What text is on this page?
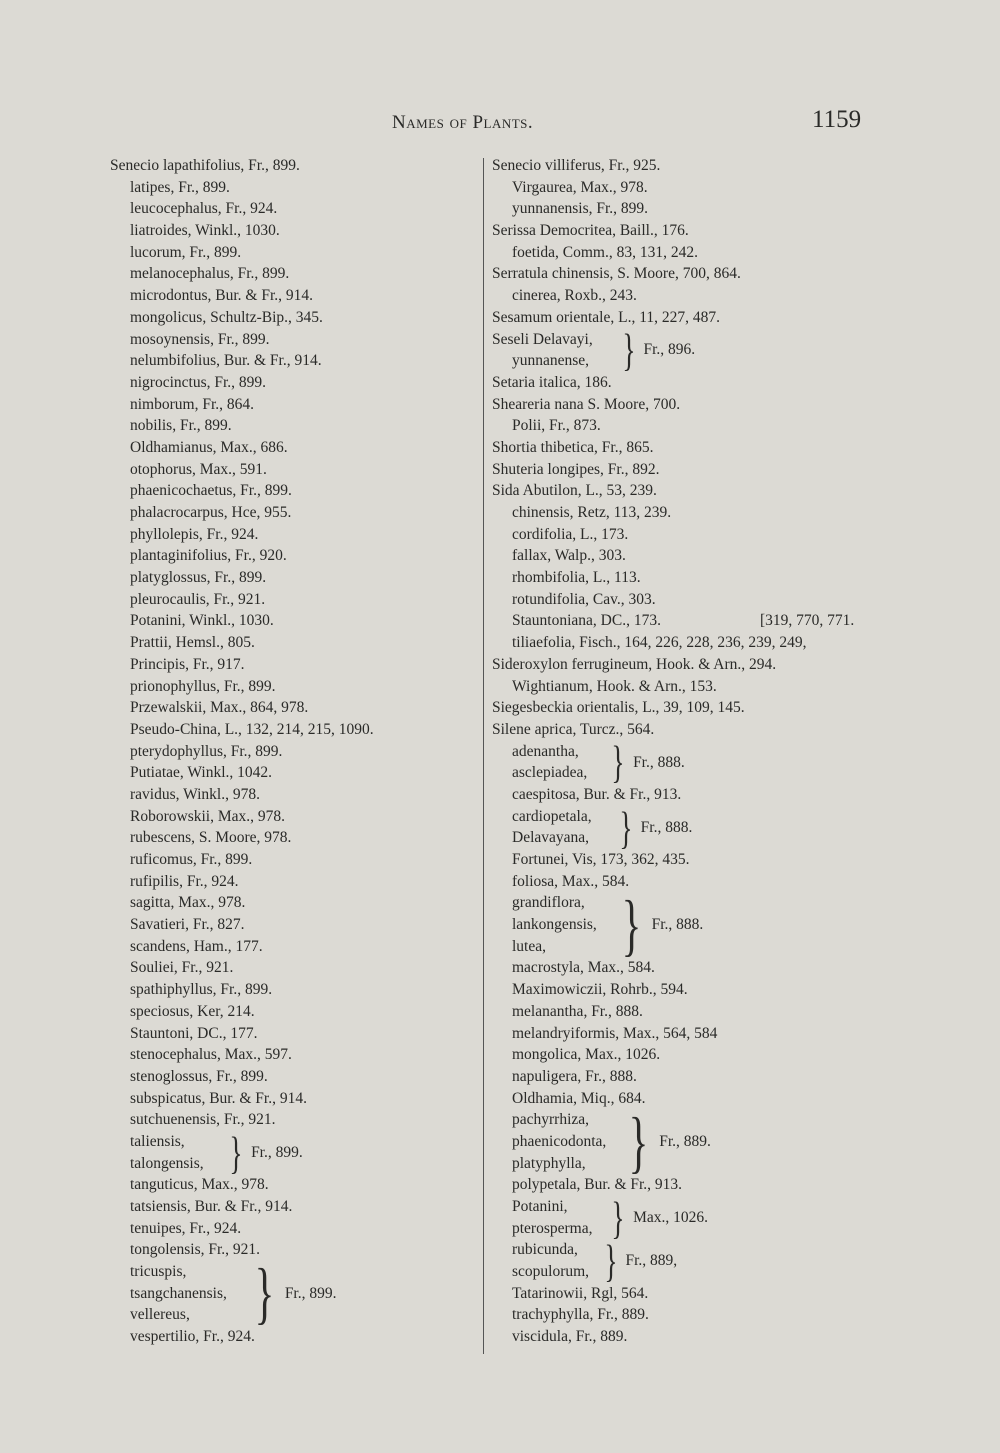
Names of Plants.	1159
Senecio lapathifolius, Fr., 899.
latipes, Fr., 899.
leucocephalus, Fr., 924.
liatroides, Winkl., 1030.
lucorum, Fr., 899.
melanocephalus, Fr., 899.
microdontus, Bur. & Fr., 914.
mongolicus, Schultz-Bip., 345.
mosoynensis, Fr., 899.
nelumbifolius, Bur. & Fr., 914.
nigrocinctus, Fr., 899.
nimborum, Fr., 864.
nobilis, Fr., 899.
Oldhamianus, Max., 686.
otophorus, Max., 591.
phaenicochaetus, Fr., 899.
phalacrocarpus, Hce, 955.
phyllolepis, Fr., 924.
plantaginifolius, Fr., 920.
platyglossus, Fr., 899.
pleurocaulis, Fr., 921.
Potanini, Winkl., 1030.
Prattii, Hemsl., 805.
Principis, Fr., 917.
prionophyllus, Fr., 899.
Przewalskii, Max., 864, 978.
Pseudo-China, L., 132, 214, 215, 1090.
pterydophyllus, Fr., 899.
Putiatae, Winkl., 1042.
ravidus, Winkl., 978.
Roborowskii, Max., 978.
rubescens, S. Moore, 978.
ruficomus, Fr., 899.
rufipilis, Fr., 924.
sagitta, Max., 978.
Savatieri, Fr., 827.
scandens, Ham., 177.
Souliei, Fr., 921.
spathiphyllus, Fr., 899.
speciosus, Ker, 214.
Stauntoni, DC., 177.
stenocephalus, Max., 597.
stenoglossus, Fr., 899.
subspicatus, Bur. & Fr., 914.
sutchuenensis, Fr., 921.
taliensis,
talongensis, } Fr., 899.
tanguticus, Max., 978.
tatsiensis, Bur. & Fr., 914.
tenuipes, Fr., 924.
tongolensis, Fr., 921.
tricuspis,
tsangchanensis,
vellereus, } Fr., 899.
vespertilio, Fr., 924.
Senecio villiferus, Fr., 925.
Virgaurea, Max., 978.
yunnanensis, Fr., 899.
Serissa Democritea, Baill., 176.
foetida, Comm., 83, 131, 242.
Serratula chinensis, S. Moore, 700, 864.
cinerea, Roxb., 243.
Sesamum orientale, L., 11, 227, 487.
Seseli Delavayi,
yunnanense, } Fr., 896.
Setaria italica, 186.
Sheareria nana S. Moore, 700.
Polii, Fr., 873.
Shortia thibetica, Fr., 865.
Shuteria longipes, Fr., 892.
Sida Abutilon, L., 53, 239.
chinensis, Retz, 113, 239.
cordifolia, L., 173.
fallax, Walp., 303.
rhombifolia, L., 113.
rotundifolia, Cav., 303.
Stauntoniana, DC., 173.	[319, 770, 771.
tiliaefolia, Fisch., 164, 226, 228, 236, 239, 249,
Sideroxylon ferrugineum, Hook. & Arn., 294.
Wightianum, Hook. & Arn., 153.
Siegesbeckia orientalis, L., 39, 109, 145.
Silene aprica, Turcz., 564.
adenantha,
asclepiadea, } Fr., 888.
caespitosa, Bur. & Fr., 913.
cardiopetala,
Delavayana, } Fr., 888.
Fortunei, Vis, 173, 362, 435.
foliosa, Max., 584.
grandiflora,
lankongensis,
lutea,	} Fr., 888.
macrostyla, Max., 584.
Maximowiczii, Rohrb., 594.
melanantha, Fr., 888.
melandryiformis, Max., 564, 584
mongolica, Max., 1026.
napuligera, Fr., 888.
Oldhamia, Miq., 684.
pachyrrhiza,
phaenicodonta,
platyphylla, } Fr., 889.
polypetala, Bur. & Fr., 913.
Potanini,
pterosperma, } Max., 1026.
rubicunda,
scopulorum, } Fr., 889,
Tatarinowii, Rgl, 564.
trachyphylla, Fr., 889.
viscidula, Fr., 889.
